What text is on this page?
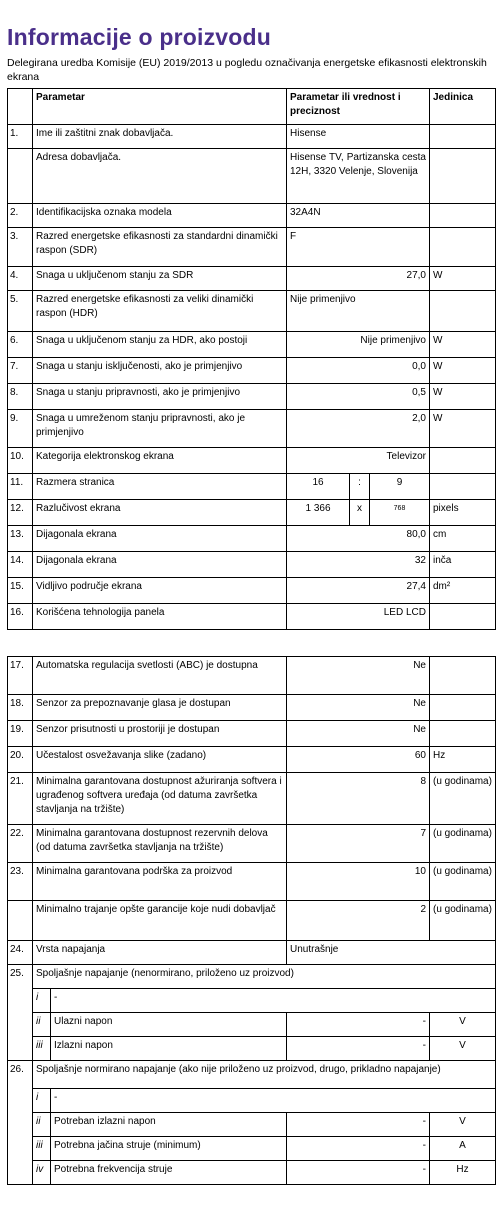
Informacije o proizvodu
Delegirana uredba Komisije (EU) 2019/2013 u pogledu označivanja energetske efikasnosti elektronskih ekrana
	Parametar	Parametar ili vrednost i preciznost			Jedinica
1.	Ime ili zaštitni znak dobavljača.	Hisense			
	Adresa dobavljača.	Hisense TV, Partizanska cesta 12H, 3320 Velenje, Slovenija			
2.	Identifikacijska oznaka modela	32A4N			
3.	Razred energetske efikasnosti za standardni dinamički raspon (SDR)	F			
4.	Snaga u uključenom stanju za SDR	27,0			W
5.	Razred energetske efikasnosti za veliki dinamički raspon (HDR)	Nije primenjivo			
6.	Snaga u uključenom stanju za HDR, ako postoji	Nije primenjivo			W
7.	Snaga u stanju isključenosti, ako je primjenjivo	0,0			W
8.	Snaga u stanju pripravnosti, ako je primjenjivo	0,5			W
9.	Snaga u umreženom stanju pripravnosti, ako je primjenjivo	2,0			W
10.	Kategorija elektronskog ekrana	Televizor			
11.	Razmera stranica	16	:	9	
12.	Razlučivost ekrana	1 366	x	768	pixels
13.	Dijagonala ekrana	80,0			cm
14.	Dijagonala ekrana	32			inča
15.	Vidljivo područje ekrana	27,4			dm²
16.	Korišćena tehnologija panela	LED LCD			
17.	Automatska regulacija svetlosti (ABC) je dostupna		Ne	
18.	Senzor za prepoznavanje glasa je dostupan		Ne	
19.	Senzor prisutnosti u prostoriji je dostupan		Ne	
20.	Učestalost osvežavanja slike (zadano)		60	Hz
21.	Minimalna garantovana dostupnost ažuriranja softvera i ugrađenog softvera uređaja (od datuma završetka stavljanja na tržište)		8	(u godinama)
22.	Minimalna garantovana dostupnost rezervnih delova (od datuma završetka stavljanja na tržište)		7	(u godinama)
23.	Minimalna garantovana podrška za proizvod		10	(u godinama)
	Minimalno trajanje opšte garancije koje nudi dobavljač		2	(u godinama)
24.	Vrsta napajanja		Unutrašnje	
25.	Spoljašnje napajanje (nenormirano, priloženo uz proizvod)			
	i	-		
	ii	Ulazni napon	-	V
	iii	Izlazni napon	-	V
26.	Spoljašnje normirano napajanje (ako nije priloženo uz proizvod, drugo, prikladno napajanje)			
	i	-		
	ii	Potreban izlazni napon	-	V
	iii	Potrebna jačina struje (minimum)	-	A
	iv	Potrebna frekvencija struje	-	Hz
